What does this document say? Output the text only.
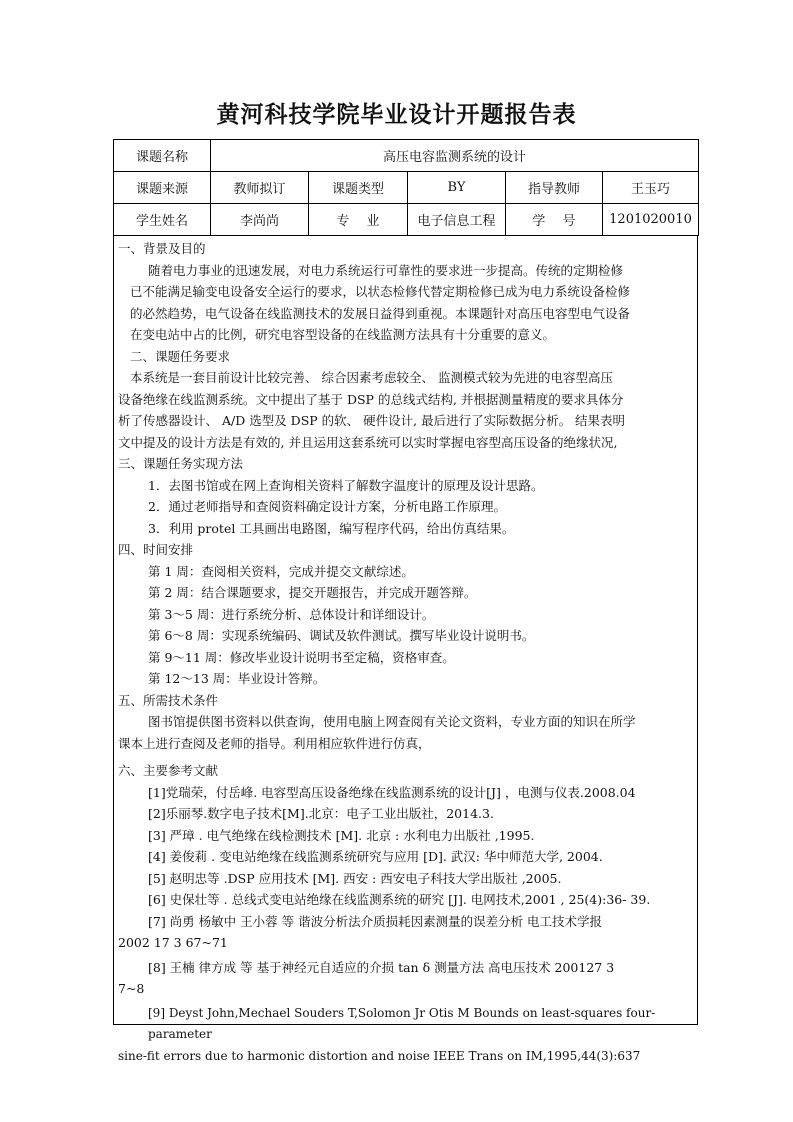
黄河科技学院毕业设计开题报告表
课题名称	高压电容监测系统的设计				
课题来源	教师拟订	课题类型	BY	指导教师	王玉巧
学生姓名	李尚尚	专　 业	电子信息工程	学　 号	1201020010

一、背景及目的

随着电力事业的迅速发展，对电力系统运行可靠性的要求进一步提高。传统的定期检修

已不能满足输变电设备安全运行的要求，以状态检修代替定期检修已成为电力系统设备检修

的必然趋势，电气设备在线监测技术的发展日益得到重视。本课题针对高压电容型电气设备

在变电站中占的比例，研究电容型设备的在线监测方法具有十分重要的意义。

二、课题任务要求

本系统是一套目前设计比较完善、 综合因素考虑较全、 监测模式较为先进的电容型高压

设备绝缘在线监测系统。文中提出了基于 DSP 的总线式结构, 并根据测量精度的要求具体分

析了传感器设计、 A/D 选型及 DSP 的软、 硬件设计, 最后进行了实际数据分析。 结果表明

文中提及的设计方法是有效的, 并且运用这套系统可以实时掌握电容型高压设备的绝缘状况,

三、课题任务实现方法

1．去图书馆或在网上查询相关资料了解数字温度计的原理及设计思路。

2．通过老师指导和查阅资料确定设计方案，分析电路工作原理。

3．利用 protel 工具画出电路图，编写程序代码，给出仿真结果。

四、时间安排

第 1 周：查阅相关资料，完成并提交文献综述。

第 2 周：结合课题要求，提交开题报告，并完成开题答辩。

第 3～5 周：进行系统分析、总体设计和详细设计。

第 6～8 周：实现系统编码、调试及软件测试。撰写毕业设计说明书。

第 9～11 周：修改毕业设计说明书至定稿，资格审查。

第 12～13 周：毕业设计答辩。

五、所需技术条件

图书馆提供图书资料以供查询，使用电脑上网查阅有关论文资料，专业方面的知识在所学

课本上进行查阅及老师的指导。利用相应软件进行仿真，

六、主要参考文献

[1]党瑞荣，付岳峰. 电容型高压设备绝缘在线监测系统的设计[J] ，电测与仪表.2008.04

[2]乐丽琴.数字电子技术[M].北京：电子工业出版社，2014.3.

[3] 严璋 . 电气绝缘在线检测技术 [M]. 北京 : 水利电力出版社 ,1995.

[4] 姜俊莉 . 变电站绝缘在线监测系统研究与应用 [D]. 武汉: 华中师范大学, 2004.

[5] 赵明忠等 .DSP 应用技术 [M]. 西安 : 西安电子科技大学出版社 ,2005.

[6] 史保壮等 . 总线式变电站绝缘在线监测系统的研究 [J]. 电网技术,2001 , 25(4):36- 39.

[7] 尚勇 杨敏中 王小蓉 等 谐波分析法介质损耗因素测量的误差分析 电工技术学报

2002 17 3 67~71

[8] 王楠 律方成 等 基于神经元自适应的介损 tan δ 测量方法 高电压技术 200127 3

7~8

[9] Deyst John,Mechael Souders T,Solomon Jr Otis M Bounds on least-squares four-parameter

sine-fit errors due to harmonic distortion and noise IEEE Trans on IM,1995,44(3):637
